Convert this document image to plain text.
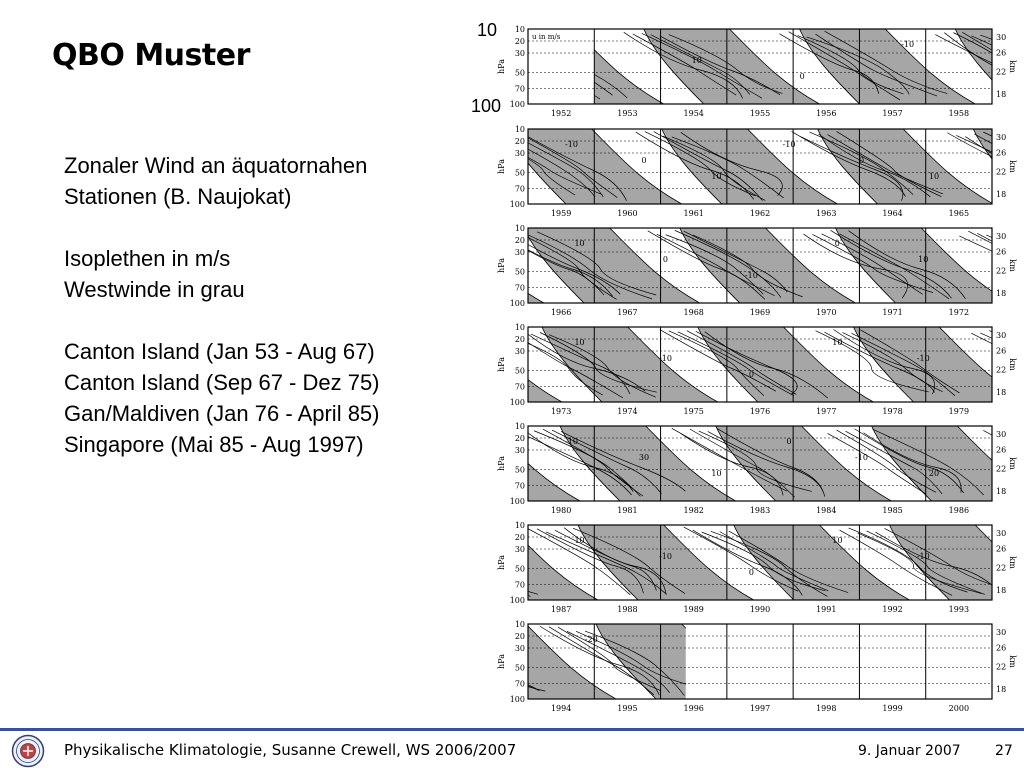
QBO Muster

Zonaler Wind an äquatornahen
Stationen (B. Naujokat)

Isoplethen in m/s
Westwinde in grau

Canton Island (Jan 53 - Aug 67)
Canton Island (Sep 67 - Dez 75)
Gan/Maldiven (Jan 76 - April 85)
Singapore (Mai 85 - Aug 1997)

10
100
10
20
30
50
70
100
hPa
30
26
22
18
km
1952	1953	1954	1955	1956	1957	1958
10
0
-10
u in m/s
10
20
30
50
70
100
hPa
30
26
22
18
km
1959	1960	1961	1962	1963	1964	1965
-10
0
10
-10
0
10
10
20
30
50
70
100
hPa
30
26
22
18
km
1966	1967	1968	1969	1970	1971	1972
10
0
-10
0
10
10
20
30
50
70
100
hPa
30
26
22
18
km
1973	1974	1975	1976	1977	1978	1979
10
-10
0
10
-10
10
20
30
50
70
100
hPa
30
26
22
18
km
1980	1981	1982	1983	1984	1985	1986
-10
30
10
0
-10
20
10
20
30
50
70
100
hPa
30
26
22
18
km
1987	1988	1989	1990	1991	1992	1993
10
-10
0
10
-10
10
20
30
50
70
100
hPa
30
26
22
18
km
1994	1995	1996	1997	1998	1999	2000
-20
Physikalische Klimatologie, Susanne Crewell, WS 2006/2007	9. Januar 2007 27
